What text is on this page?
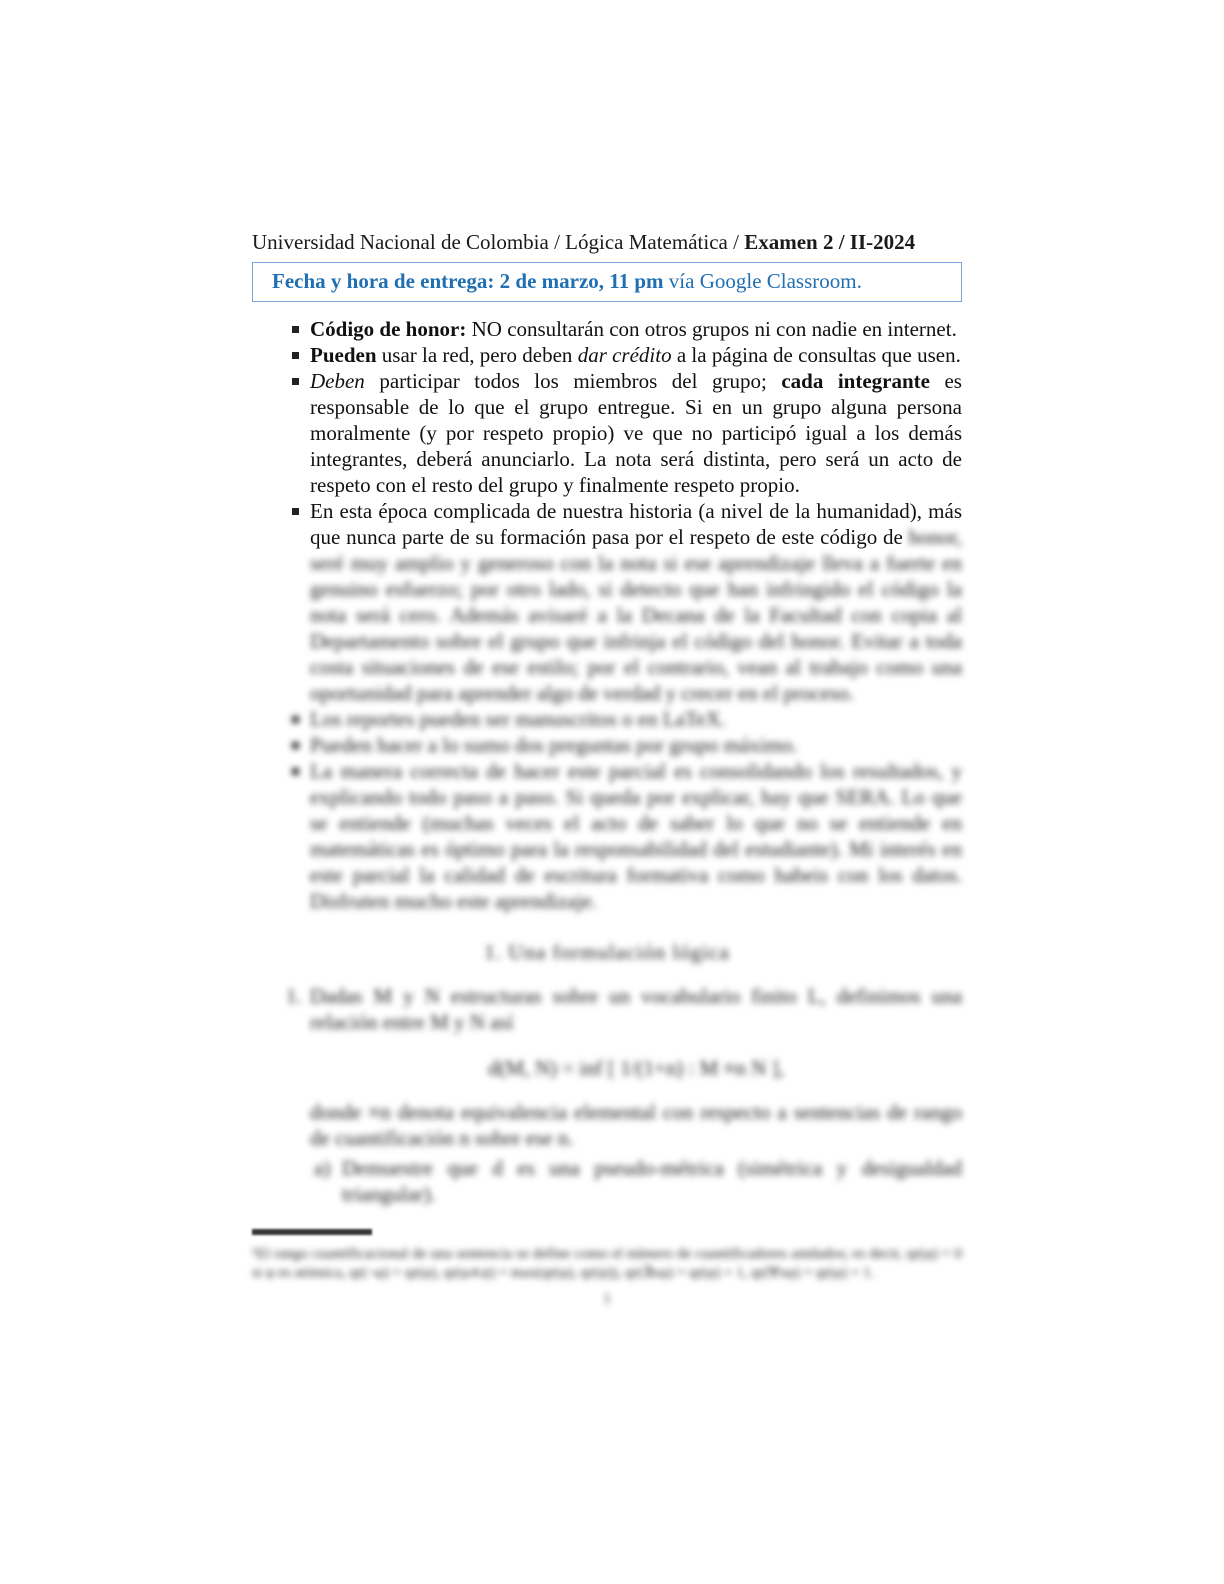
Universidad Nacional de Colombia / Lógica Matemática / Examen 2 / II-2024
Fecha y hora de entrega: 2 de marzo, 11 pm vía Google Classroom.
Código de honor: NO consultarán con otros grupos ni con nadie en internet.
Pueden usar la red, pero deben dar crédito a la página de consultas que usen.
Deben participar todos los miembros del grupo; cada integrante es responsable de lo que el grupo entregue. Si en un grupo alguna persona moralmente (y por respeto propio) ve que no participó igual a los demás integrantes, deberá anunciarlo. La nota será distinta, pero será un acto de respeto con el resto del grupo y finalmente respeto propio.
En esta época complicada de nuestra historia (a nivel de la humanidad), más que nunca parte de su formación pasa por el respeto de este código de honor, seré muy amplio y generoso con la nota si ese aprendizaje lleva a fuerte en genuino esfuerzo; por otro lado, si detecto que han infringido el código la nota será cero. Además avisaré a la Decana de la Facultad con copia al Departamento sobre el grupo que infrinja el código del honor. Evitar a toda costa situaciones de ese estilo; por el contrario, vean al trabajo como una oportunidad para aprender algo de verdad y crecer en el proceso.
Los reportes pueden ser manuscritos o en LaTeX.
Pueden hacer a lo sumo dos preguntas por grupo máximo.
La manera correcta de hacer este parcial es consolidando los resultados, y explicando todo paso a paso. Si queda por explicar, hay que SERA. Lo que se entiende (muchas veces el acto de saber lo que no se entiende en matemáticas es óptimo para la responsabilidad del estudiante). Mi interés en este parcial la calidad de escritura formativa como habeis con los datos. Disfruten mucho este aprendizaje.
1. Una formulación lógica
1. Dadas M y N estructuras sobre un vocabulario finito L, definimos una relación entre M y N así
d(M, N) = inf [ 1/(1+n) : M ≡n N ],
donde ≡n denota equivalencia elemental con respecto a sentencias de rango de cuantificación n sobre ese n.
a) Demuestre que d es una pseudo-métrica (simétrica y desigualdad triangular).
¹El rango cuantificacional de una sentencia se define como el número de cuantificadores anidados; es decir, qr(φ) = 0 si φ es atómica, qr(¬φ) = qr(φ), qr(φ∧ψ) = max(qr(φ), qr(ψ)), qr(∃xφ) = qr(φ) + 1, qr(∀xφ) = qr(φ) + 1.
1
